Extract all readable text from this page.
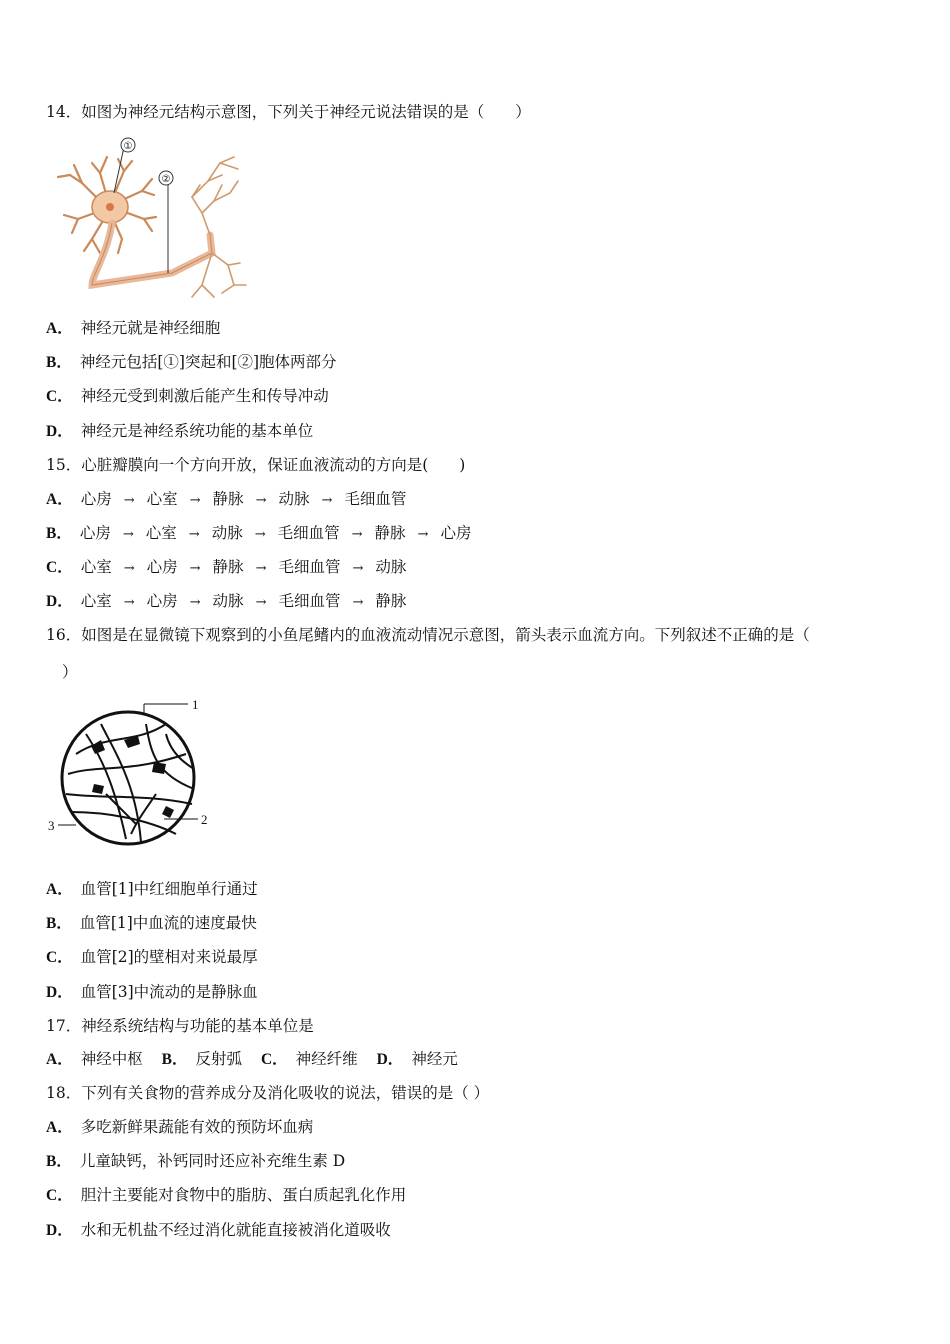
14．如图为神经元结构示意图，下列关于神经元说法错误的是（　　）
①
②
A． 神经元就是神经细胞
B． 神经元包括[①]突起和[②]胞体两部分
C． 神经元受到刺激后能产生和传导冲动
D． 神经元是神经系统功能的基本单位
15．心脏瓣膜向一个方向开放，保证血液流动的方向是(　　)
A． 心房 → 心室 → 静脉 → 动脉 → 毛细血管
B． 心房 → 心室 → 动脉 → 毛细血管 → 静脉 → 心房
C． 心室 → 心房 → 静脉 → 毛细血管 → 动脉
D． 心室 → 心房 → 动脉 → 毛细血管 → 静脉
16．如图是在显微镜下观察到的小鱼尾鳍内的血液流动情况示意图，箭头表示血流方向。下列叙述不正确的是（
）
1
2
3
A． 血管[1]中红细胞单行通过
B． 血管[1]中血流的速度最快
C． 血管[2]的壁相对来说最厚
D． 血管[3]中流动的是静脉血
17．神经系统结构与功能的基本单位是
A． 神经中枢 B． 反射弧 C． 神经纤维 D． 神经元
18．下列有关食物的营养成分及消化吸收的说法，错误的是（ ）
A． 多吃新鲜果蔬能有效的预防坏血病
B． 儿童缺钙，补钙同时还应补充维生素 D
C． 胆汁主要能对食物中的脂肪、蛋白质起乳化作用
D． 水和无机盐不经过消化就能直接被消化道吸收
